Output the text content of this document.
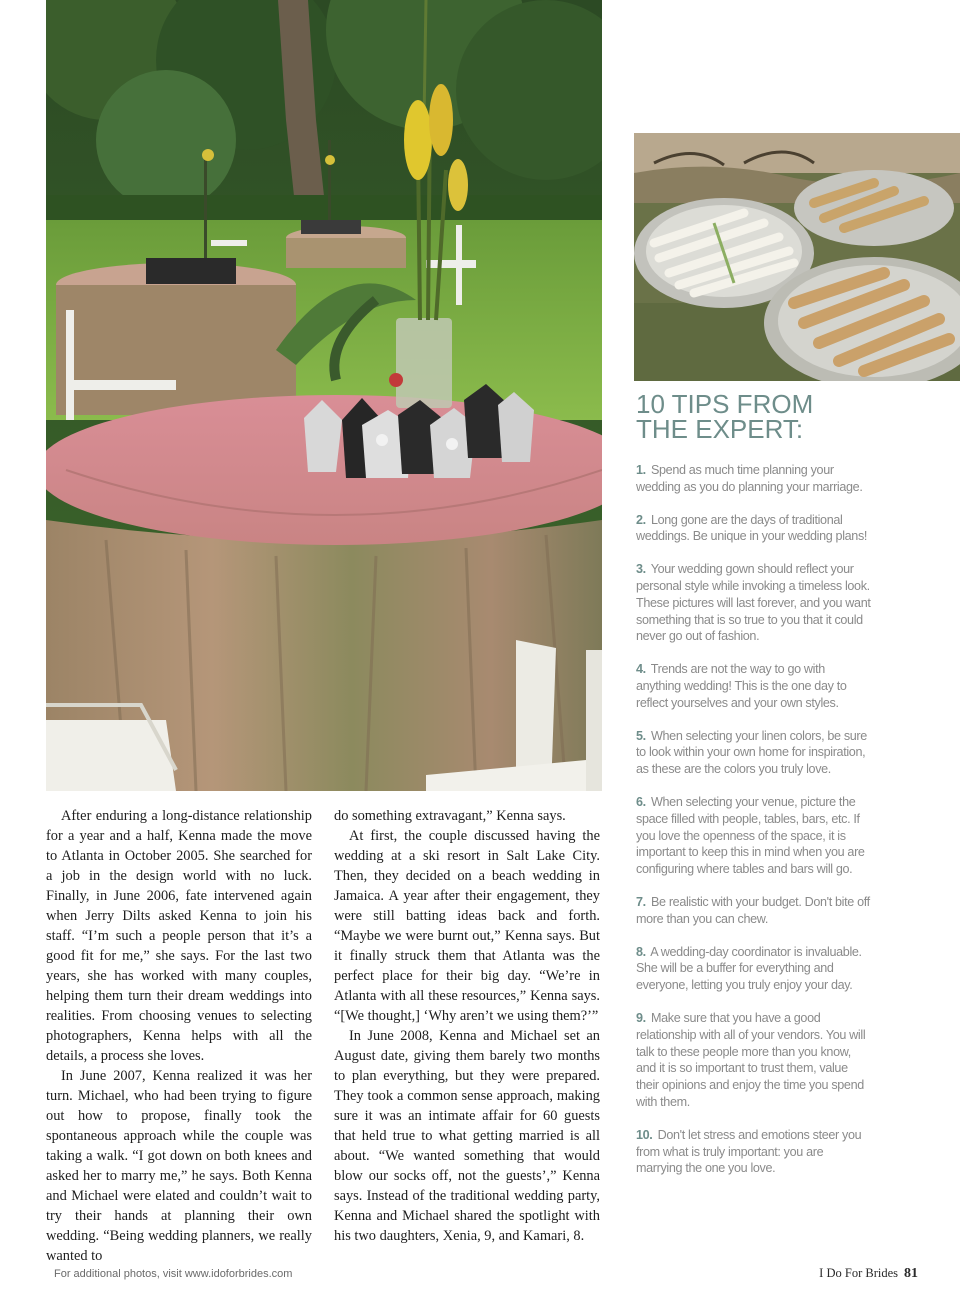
10 TIPS FROM
THE EXPERT:
1. Spend as much time planning your wedding as you do planning your marriage.
2. Long gone are the days of traditional weddings. Be unique in your wedding plans!
3. Your wedding gown should reflect your personal style while invoking a timeless look. These pictures will last forever, and you want something that is so true to you that it could never go out of fashion.
4. Trends are not the way to go with anything wedding! This is the one day to reflect yourselves and your own styles.
5. When selecting your linen colors, be sure to look within your own home for inspiration, as these are the colors you truly love.
6. When selecting your venue, picture the space filled with people, tables, bars, etc. If you love the openness of the space, it is important to keep this in mind when you are configuring where tables and bars will go.
7. Be realistic with your budget. Don't bite off more than you can chew.
8. A wedding-day coordinator is invaluable. She will be a buffer for everything and everyone, letting you truly enjoy your day.
9. Make sure that you have a good relationship with all of your vendors. You will talk to these people more than you know, and it is so important to trust them, value their opinions and enjoy the time you spend with them.
10. Don't let stress and emotions steer you from what is truly important: you are marrying the one you love.

After enduring a long-distance relationship for a year and a half, Kenna made the move to Atlanta in October 2005. She searched for a job in the design world with no luck. Finally, in June 2006, fate intervened again when Jerry Dilts asked Kenna to join his staff. “I’m such a people person that it’s a good fit for me,” she says. For the last two years, she has worked with many couples, helping them turn their dream weddings into realities. From choosing venues to selecting photographers, Kenna helps with all the details, a process she loves.

In June 2007, Kenna realized it was her turn. Michael, who had been trying to figure out how to propose, finally took the spontaneous approach while the couple was taking a walk. “I got down on both knees and asked her to marry me,” he says. Both Kenna and Michael were elated and couldn’t wait to try their hands at planning their own wedding. “Being wedding planners, we really wanted to

do something extravagant,” Kenna says.

At first, the couple discussed having the wedding at a ski resort in Salt Lake City. Then, they decided on a beach wedding in Jamaica. A year after their engagement, they were still batting ideas back and forth. “Maybe we were burnt out,” Kenna says. But it finally struck them that Atlanta was the perfect place for their big day. “We’re in Atlanta with all these resources,” Kenna says. “[We thought,] ‘Why aren’t we using them?’”

In June 2008, Kenna and Michael set an August date, giving them barely two months to plan everything, but they were prepared. They took a common sense approach, making sure it was an intimate affair for 60 guests that held true to what getting married is all about. “We wanted something that would blow our socks off, not the guests’,” Kenna says. Instead of the traditional wedding party, Kenna and Michael shared the spotlight with his two daughters, Xenia, 9, and Kamari, 8.

For additional photos, visit www.idoforbrides.com	I Do For Brides 81
